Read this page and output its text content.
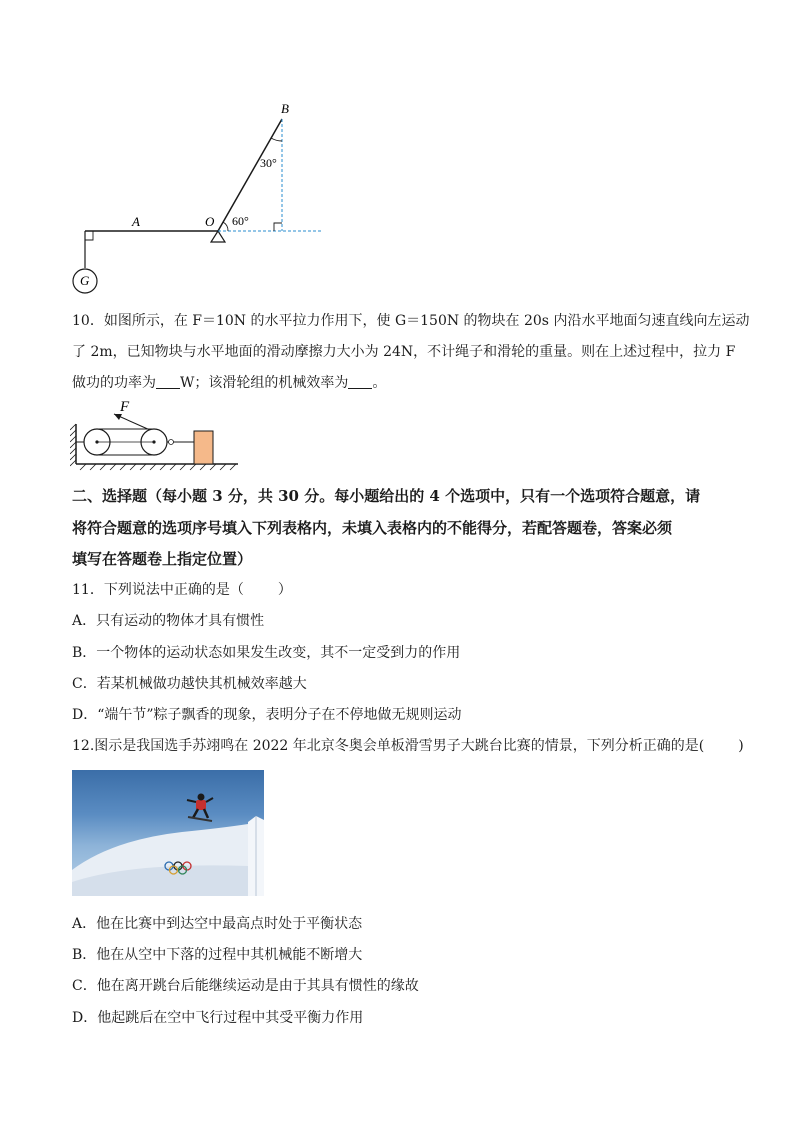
B
A	O
G
30°
60°
10．如图所示，在 F＝10N 的水平拉力作用下，使 G＝150N 的物块在 20s 内沿水平地面匀速直线向左运动
了 2m，已知物块与水平地面的滑动摩擦力大小为 24N，不计绳子和滑轮的重量。则在上述过程中，拉力 F
做功的功率为 W；该滑轮组的机械效率为 。
F
二、选择题（每小题 3 分，共 30 分。每小题给出的 4 个选项中，只有一个选项符合题意，请
将符合题意的选项序号填入下列表格内，未填入表格内的不能得分，若配答题卷，答案必须
填写在答题卷上指定位置）
11．下列说法中正确的是（ ）
A．只有运动的物体才具有惯性
B．一个物体的运动状态如果发生改变，其不一定受到力的作用
C．若某机械做功越快其机械效率越大
D．“端午节”粽子飘香的现象，表明分子在不停地做无规则运动
12.图示是我国选手苏翊鸣在 2022 年北京冬奥会单板滑雪男子大跳台比赛的情景，下列分析正确的是( )
A．他在比赛中到达空中最高点时处于平衡状态
B．他在从空中下落的过程中其机械能不断增大
C．他在离开跳台后能继续运动是由于其具有惯性的缘故
D．他起跳后在空中飞行过程中其受平衡力作用
